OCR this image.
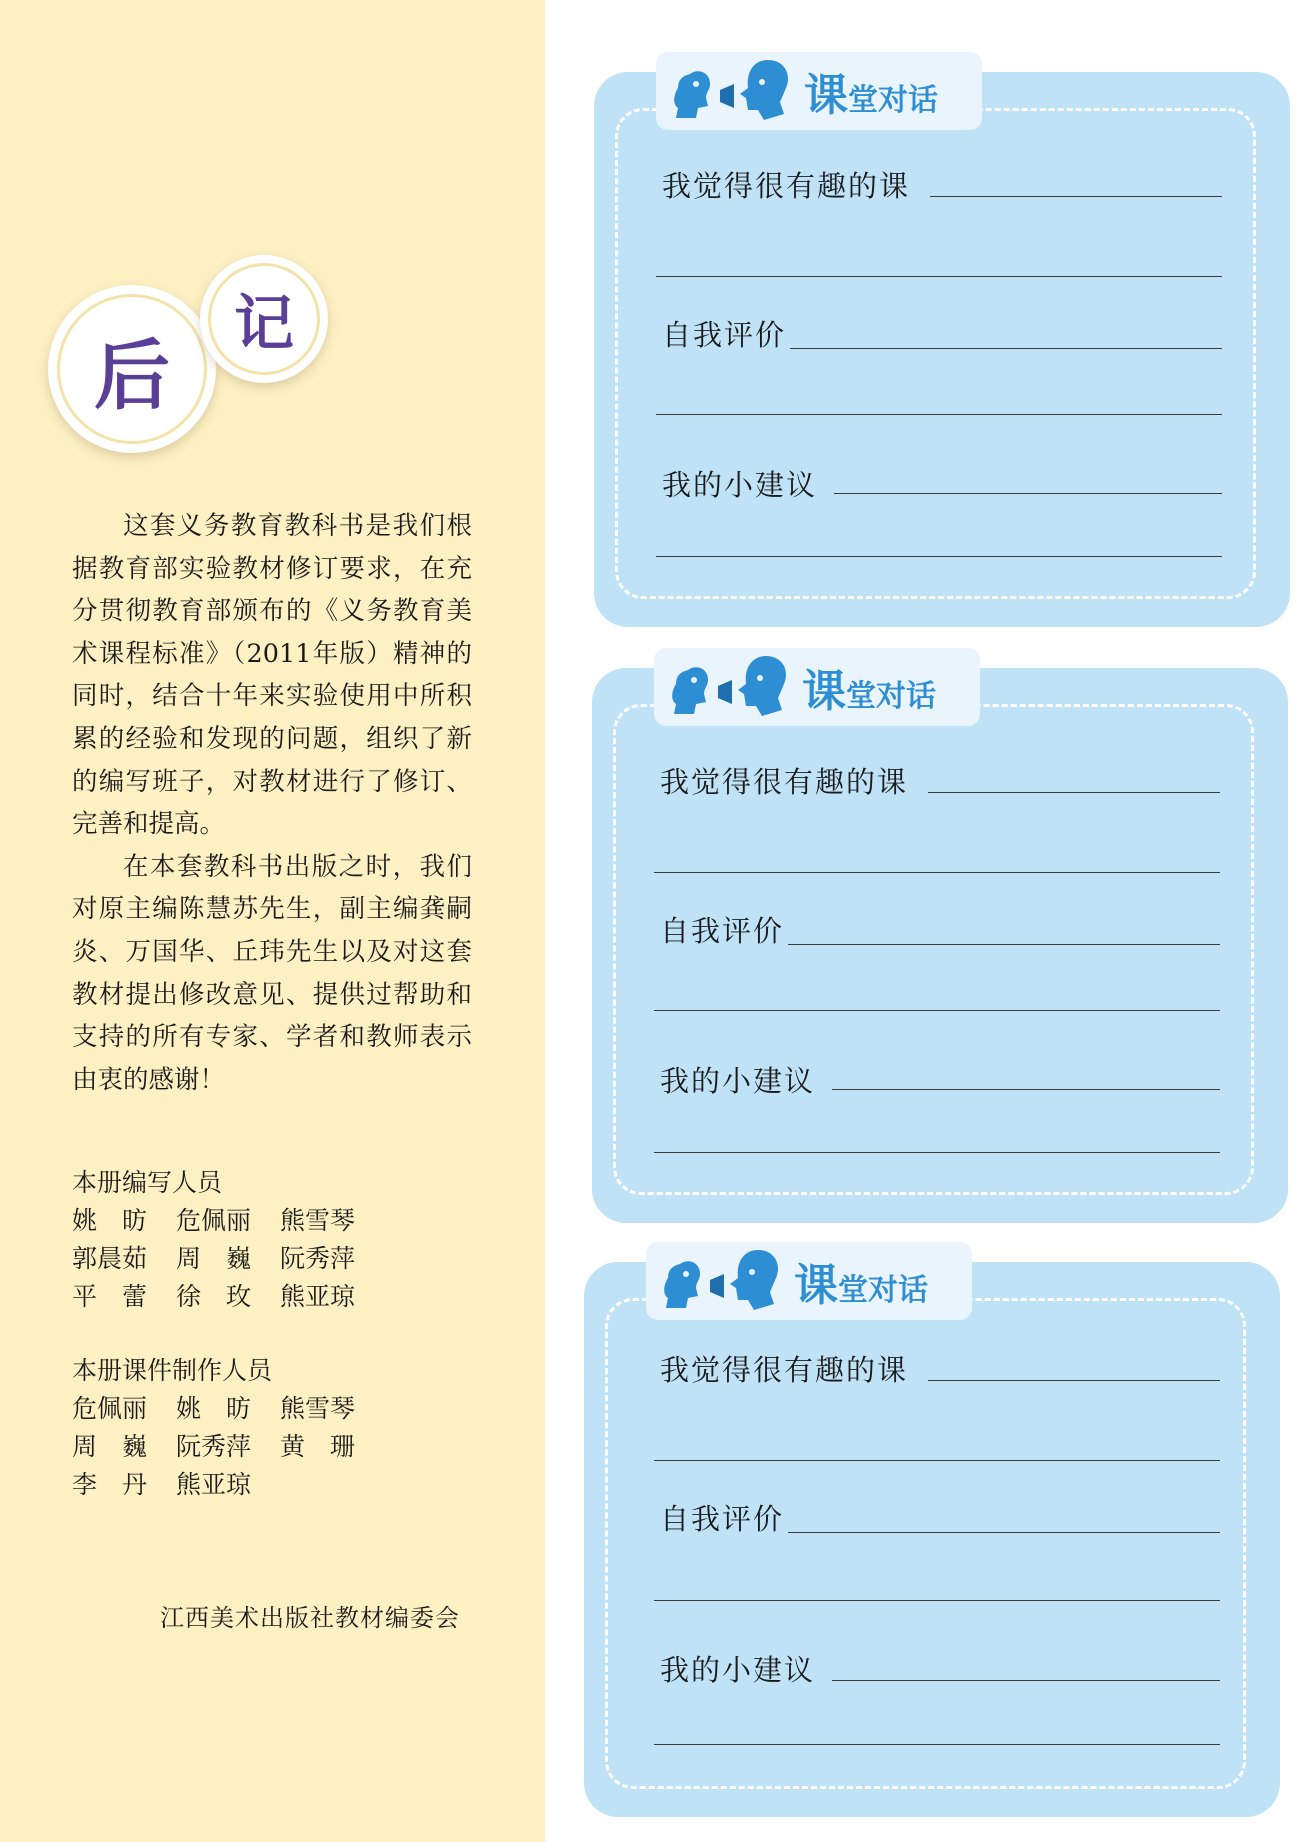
后
记

这套义务教育教科书是我们根据教育部实验教材修订要求，在充分贯彻教育部颁布的《义务教育美术课程标准》（2011年版）精神的同时，结合十年来实验使用中所积累的经验和发现的问题，组织了新的编写班子，对教材进行了修订、完善和提高。

在本套教科书出版之时，我们对原主编陈慧苏先生，副主编龚嗣炎、万国华、丘玮先生以及对这套教材提出修改意见、提供过帮助和支持的所有专家、学者和教师表示由衷的感谢！

本册编写人员
姚　昉	危佩丽	熊雪琴
郭晨茹	周　巍	阮秀萍
平　蕾	徐　玫	熊亚琼
本册课件制作人员
危佩丽	姚　昉	熊雪琴
周　巍	阮秀萍	黄　珊
李　丹	熊亚琼
江西美术出版社教材编委会
课 堂对话
我觉得很有趣的课
自我评价
我的小建议
课 堂对话
我觉得很有趣的课
自我评价
我的小建议
课 堂对话
我觉得很有趣的课
自我评价
我的小建议
